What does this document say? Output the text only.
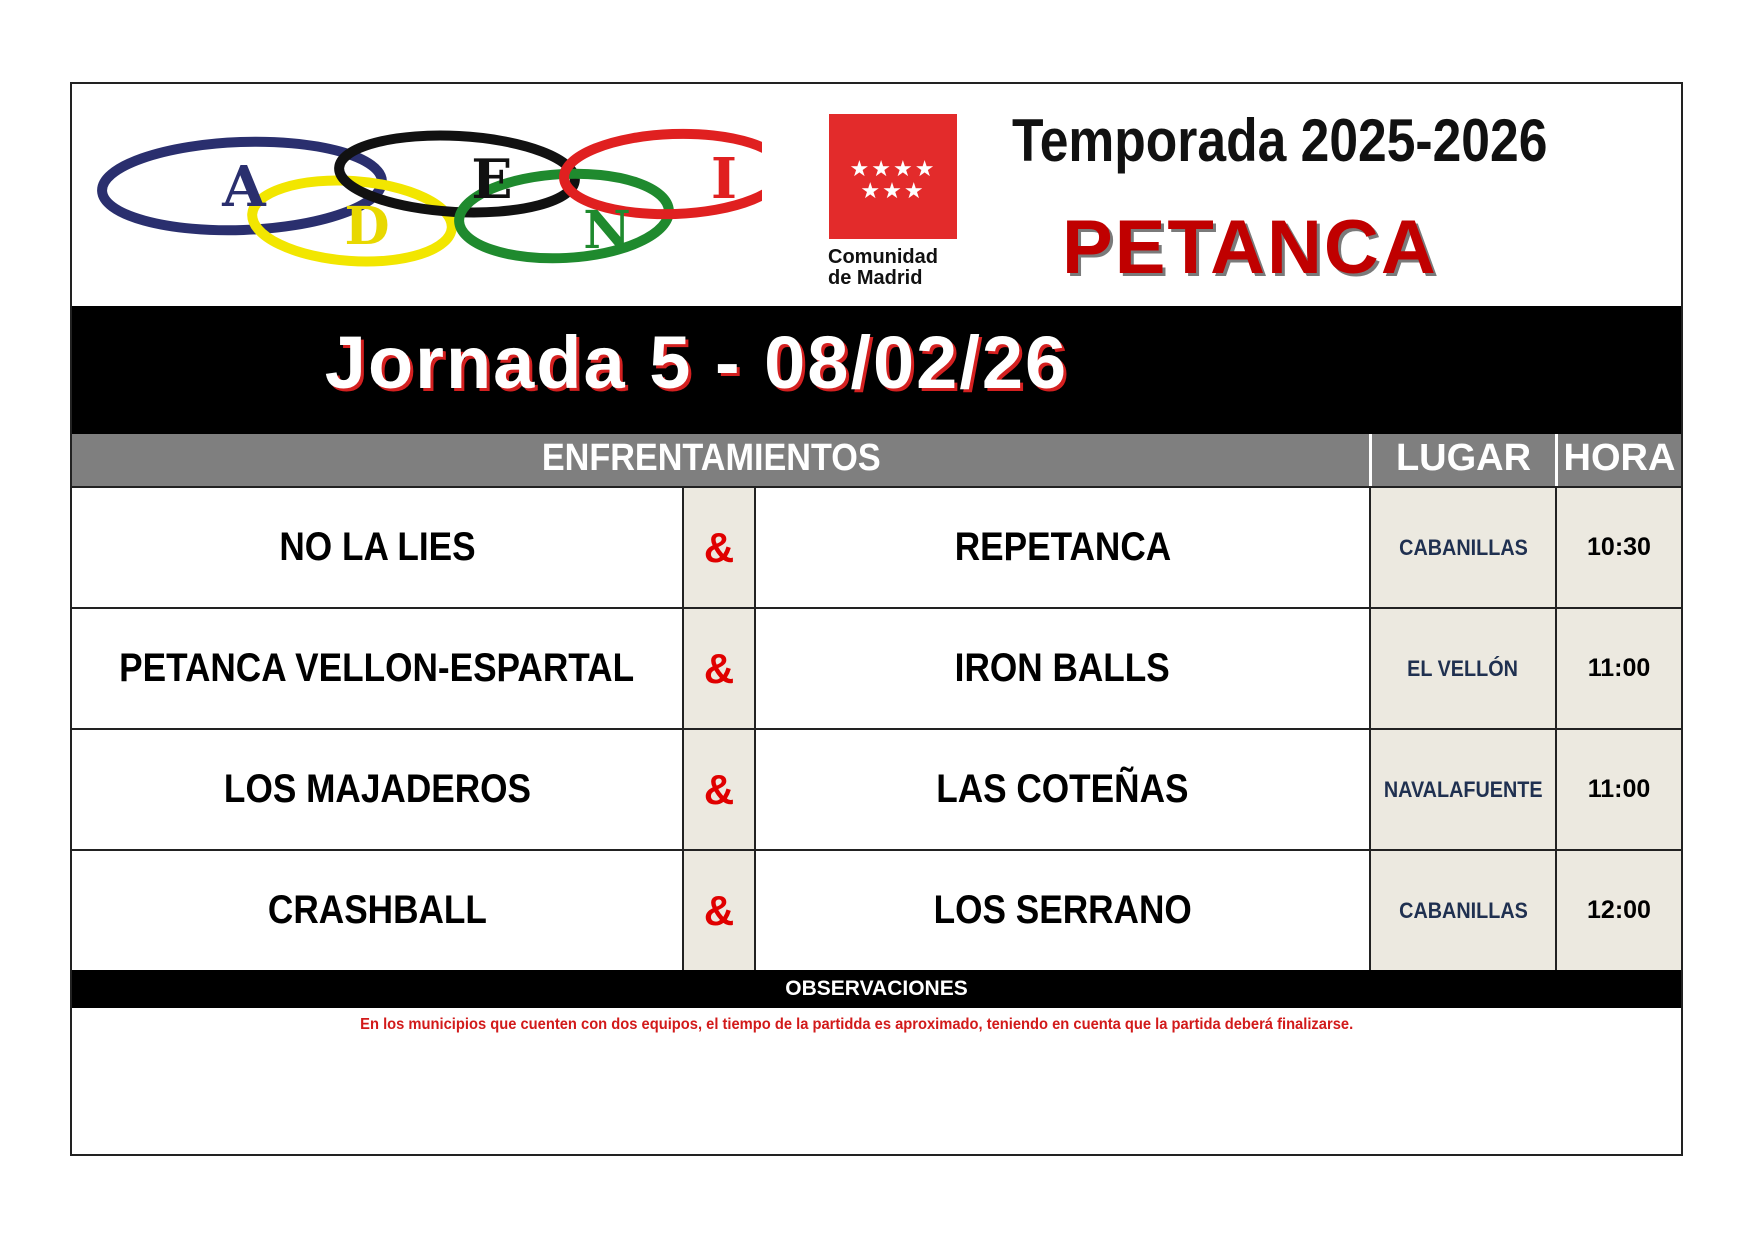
A
D
E
N
I	★★★★
★★★
Comunidad
de Madrid
Temporada 2025-2026
PETANCA
Jornada 5 - 08/02/26
ENFRENTAMIENTOS	LUGAR HORA
NO LA LIES	&	REPETANCA	CABANILLAS	10:30
PETANCA VELLON-ESPARTAL	&	IRON BALLS	EL VELLÓN	11:00
LOS MAJADEROS	&	LAS COTEÑAS	NAVALAFUENTE	11:00
CRASHBALL	&	LOS SERRANO	CABANILLAS	12:00
OBSERVACIONES
En los municipios que cuenten con dos equipos, el tiempo de la partidda es aproximado, teniendo en cuenta que la partida deberá finalizarse.
